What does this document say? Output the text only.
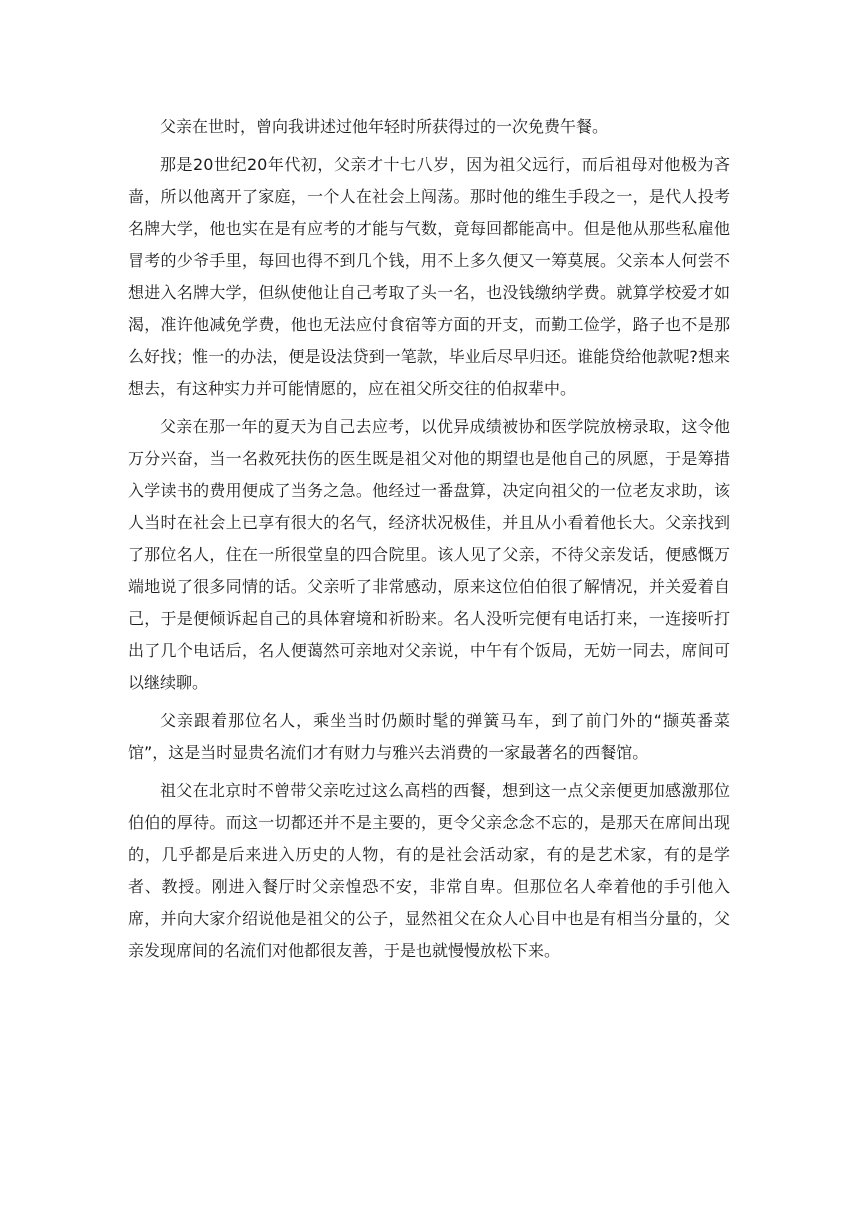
父亲在世时，曾向我讲述过他年轻时所获得过的一次免费午餐。

那是20世纪20年代初，父亲才十七八岁，因为祖父远行，而后祖母对他极为吝啬，所以他离开了家庭，一个人在社会上闯荡。那时他的维生手段之一，是代人投考名牌大学，他也实在是有应考的才能与气数，竟每回都能高中。但是他从那些私雇他冒考的少爷手里，每回也得不到几个钱，用不上多久便又一筹莫展。父亲本人何尝不想进入名牌大学，但纵使他让自己考取了头一名，也没钱缴纳学费。就算学校爱才如渴，准许他减免学费，他也无法应付食宿等方面的开支，而勤工俭学，路子也不是那么好找；惟一的办法，便是设法贷到一笔款，毕业后尽早归还。谁能贷给他款呢?想来想去，有这种实力并可能情愿的，应在祖父所交往的伯叔辈中。

父亲在那一年的夏天为自己去应考，以优异成绩被协和医学院放榜录取，这令他万分兴奋，当一名救死扶伤的医生既是祖父对他的期望也是他自己的夙愿，于是筹措入学读书的费用便成了当务之急。他经过一番盘算，决定向祖父的一位老友求助，该人当时在社会上已享有很大的名气，经济状况极佳，并且从小看着他长大。父亲找到了那位名人，住在一所很堂皇的四合院里。该人见了父亲，不待父亲发话，便感慨万端地说了很多同情的话。父亲听了非常感动，原来这位伯伯很了解情况，并关爱着自己，于是便倾诉起自己的具体窘境和祈盼来。名人没听完便有电话打来，一连接听打出了几个电话后，名人便蔼然可亲地对父亲说，中午有个饭局，无妨一同去，席间可以继续聊。

父亲跟着那位名人，乘坐当时仍颇时髦的弹簧马车，到了前门外的“撷英番菜馆”，这是当时显贵名流们才有财力与雅兴去消费的一家最著名的西餐馆。

祖父在北京时不曾带父亲吃过这么高档的西餐，想到这一点父亲便更加感激那位伯伯的厚待。而这一切都还并不是主要的，更令父亲念念不忘的，是那天在席间出现的，几乎都是后来进入历史的人物，有的是社会活动家，有的是艺术家，有的是学者、教授。刚进入餐厅时父亲惶恐不安，非常自卑。但那位名人牵着他的手引他入席，并向大家介绍说他是祖父的公子，显然祖父在众人心目中也是有相当分量的，父亲发现席间的名流们对他都很友善，于是也就慢慢放松下来。
